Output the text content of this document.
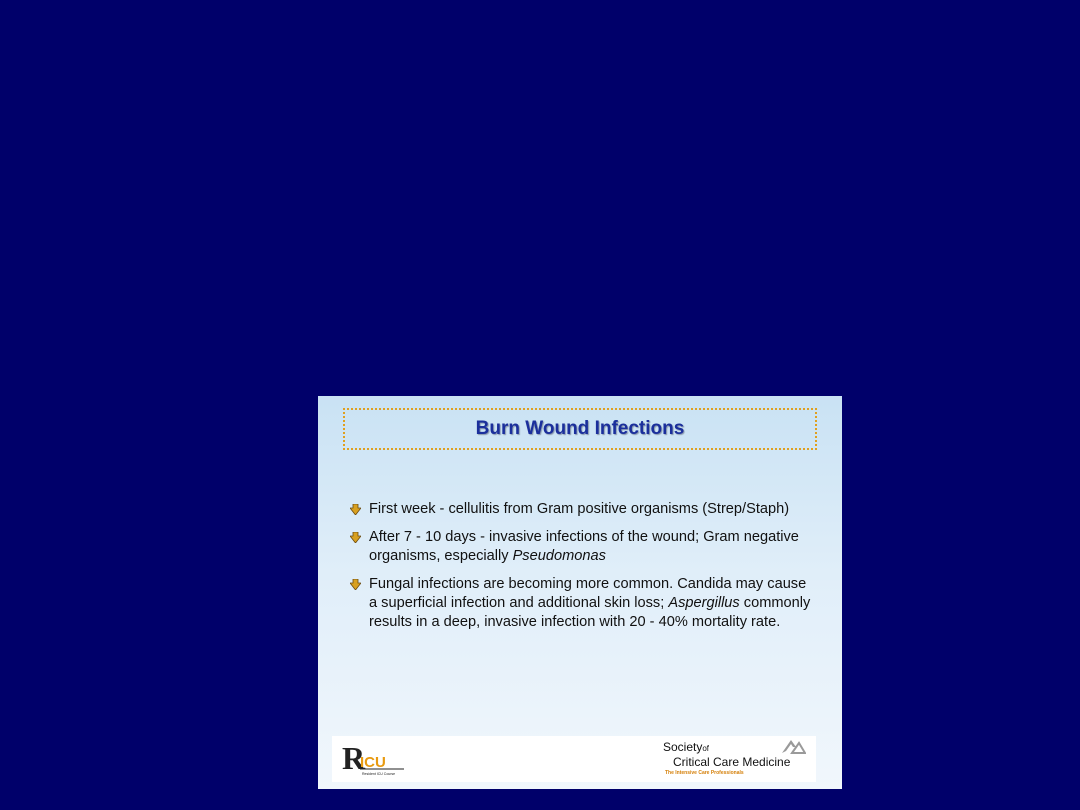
Burn Wound Infections
First week - cellulitis from Gram positive organisms (Strep/Staph)
After 7 - 10 days - invasive infections of the wound; Gram negative organisms, especially Pseudomonas
Fungal infections are becoming more common. Candida may cause a superficial infection and additional skin loss; Aspergillus commonly results in a deep, invasive infection with 20 - 40% mortality rate.
R
ICU
Resident ICU Course
Societyof
Critical Care Medicine
The Intensive Care Professionals
